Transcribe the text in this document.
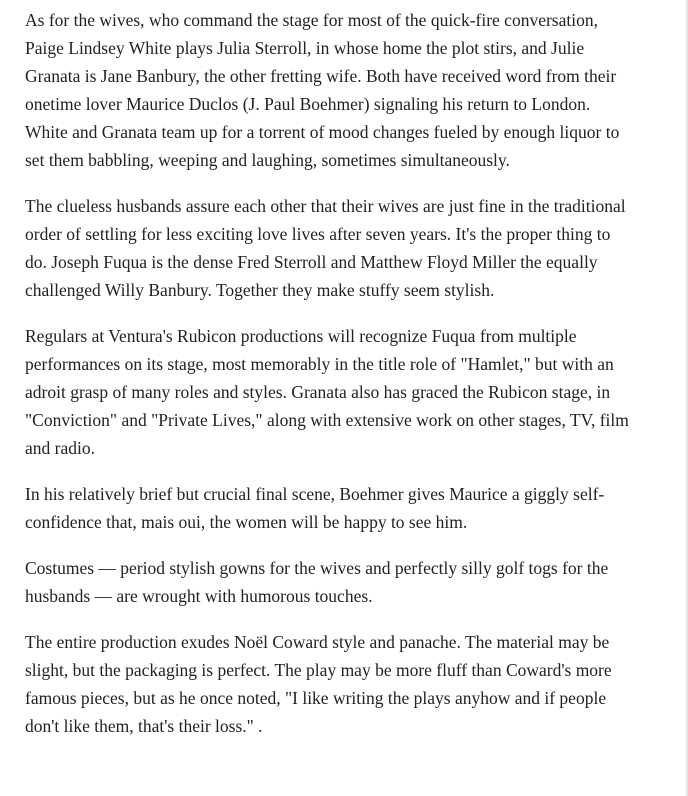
As for the wives, who command the stage for most of the quick-fire conversation, Paige Lindsey White plays Julia Sterroll, in whose home the plot stirs, and Julie Granata is Jane Banbury, the other fretting wife. Both have received word from their onetime lover Maurice Duclos (J. Paul Boehmer) signaling his return to London. White and Granata team up for a torrent of mood changes fueled by enough liquor to set them babbling, weeping and laughing, sometimes simultaneously.

The clueless husbands assure each other that their wives are just fine in the traditional order of settling for less exciting love lives after seven years. It's the proper thing to do. Joseph Fuqua is the dense Fred Sterroll and Matthew Floyd Miller the equally challenged Willy Banbury. Together they make stuffy seem stylish.

Regulars at Ventura's Rubicon productions will recognize Fuqua from multiple performances on its stage, most memorably in the title role of "Hamlet," but with an adroit grasp of many roles and styles. Granata also has graced the Rubicon stage, in "Conviction" and "Private Lives," along with extensive work on other stages, TV, film and radio.

In his relatively brief but crucial final scene, Boehmer gives Maurice a giggly self-confidence that, mais oui, the women will be happy to see him.

Costumes — period stylish gowns for the wives and perfectly silly golf togs for the husbands — are wrought with humorous touches.

The entire production exudes Noël Coward style and panache. The material may be slight, but the packaging is perfect. The play may be more fluff than Coward's more famous pieces, but as he once noted, "I like writing the plays anyhow and if people don't like them, that's their loss." .
